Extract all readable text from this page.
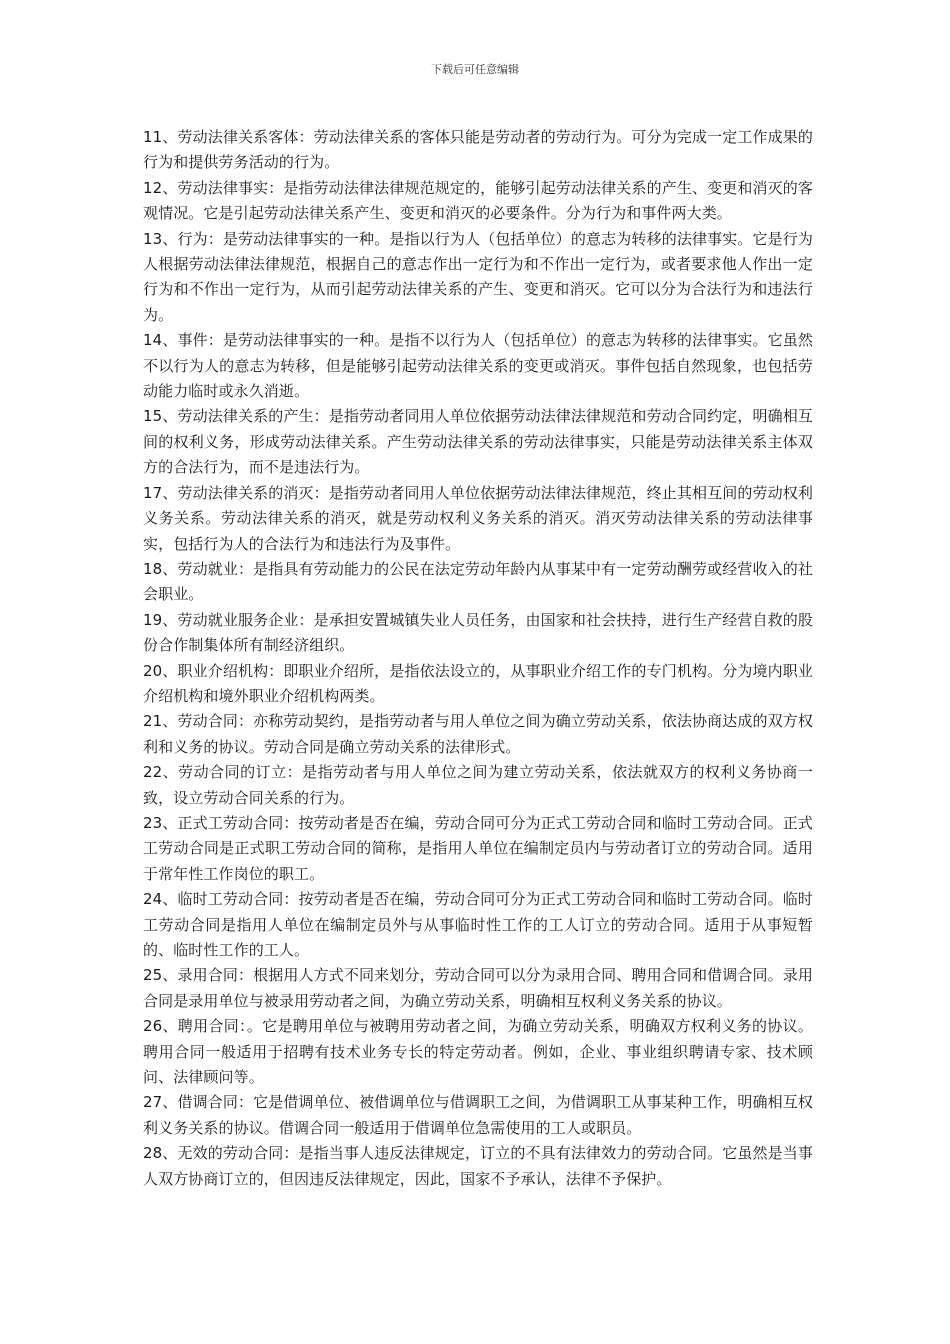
下载后可任意编辑

11、劳动法律关系客体：劳动法律关系的客体只能是劳动者的劳动行为。可分为完成一定工作成果的行为和提供劳务活动的行为。

12、劳动法律事实：是指劳动法律法律规范规定的，能够引起劳动法律关系的产生、变更和消灭的客观情况。它是引起劳动法律关系产生、变更和消灭的必要条件。分为行为和事件两大类。

13、行为：是劳动法律事实的一种。是指以行为人（包括单位）的意志为转移的法律事实。它是行为人根据劳动法律法律规范，根据自己的意志作出一定行为和不作出一定行为，或者要求他人作出一定行为和不作出一定行为，从而引起劳动法律关系的产生、变更和消灭。它可以分为合法行为和违法行为。

14、事件：是劳动法律事实的一种。是指不以行为人（包括单位）的意志为转移的法律事实。它虽然不以行为人的意志为转移，但是能够引起劳动法律关系的变更或消灭。事件包括自然现象，也包括劳动能力临时或永久消逝。

15、劳动法律关系的产生：是指劳动者同用人单位依据劳动法律法律规范和劳动合同约定，明确相互间的权利义务，形成劳动法律关系。产生劳动法律关系的劳动法律事实，只能是劳动法律关系主体双方的合法行为，而不是违法行为。

17、劳动法律关系的消灭：是指劳动者同用人单位依据劳动法律法律规范，终止其相互间的劳动权利义务关系。劳动法律关系的消灭，就是劳动权利义务关系的消灭。消灭劳动法律关系的劳动法律事实，包括行为人的合法行为和违法行为及事件。

18、劳动就业：是指具有劳动能力的公民在法定劳动年龄内从事某中有一定劳动酬劳或经营收入的社会职业。

19、劳动就业服务企业：是承担安置城镇失业人员任务，由国家和社会扶持，进行生产经营自救的股份合作制集体所有制经济组织。

20、职业介绍机构：即职业介绍所，是指依法设立的，从事职业介绍工作的专门机构。分为境内职业介绍机构和境外职业介绍机构两类。

21、劳动合同：亦称劳动契约，是指劳动者与用人单位之间为确立劳动关系，依法协商达成的双方权利和义务的协议。劳动合同是确立劳动关系的法律形式。

22、劳动合同的订立：是指劳动者与用人单位之间为建立劳动关系，依法就双方的权利义务协商一致，设立劳动合同关系的行为。

23、正式工劳动合同：按劳动者是否在编，劳动合同可分为正式工劳动合同和临时工劳动合同。正式工劳动合同是正式职工劳动合同的简称，是指用人单位在编制定员内与劳动者订立的劳动合同。适用于常年性工作岗位的职工。

24、临时工劳动合同：按劳动者是否在编，劳动合同可分为正式工劳动合同和临时工劳动合同。临时工劳动合同是指用人单位在编制定员外与从事临时性工作的工人订立的劳动合同。适用于从事短暂的、临时性工作的工人。

25、录用合同：根据用人方式不同来划分，劳动合同可以分为录用合同、聘用合同和借调合同。录用合同是录用单位与被录用劳动者之间，为确立劳动关系，明确相互权利义务关系的协议。

26、聘用合同：。它是聘用单位与被聘用劳动者之间，为确立劳动关系，明确双方权利义务的协议。聘用合同一般适用于招聘有技术业务专长的特定劳动者。例如，企业、事业组织聘请专家、技术顾问、法律顾问等。

27、借调合同：它是借调单位、被借调单位与借调职工之间，为借调职工从事某种工作，明确相互权利义务关系的协议。借调合同一般适用于借调单位急需使用的工人或职员。

28、无效的劳动合同：是指当事人违反法律规定，订立的不具有法律效力的劳动合同。它虽然是当事人双方协商订立的，但因违反法律规定，因此，国家不予承认，法律不予保护。
